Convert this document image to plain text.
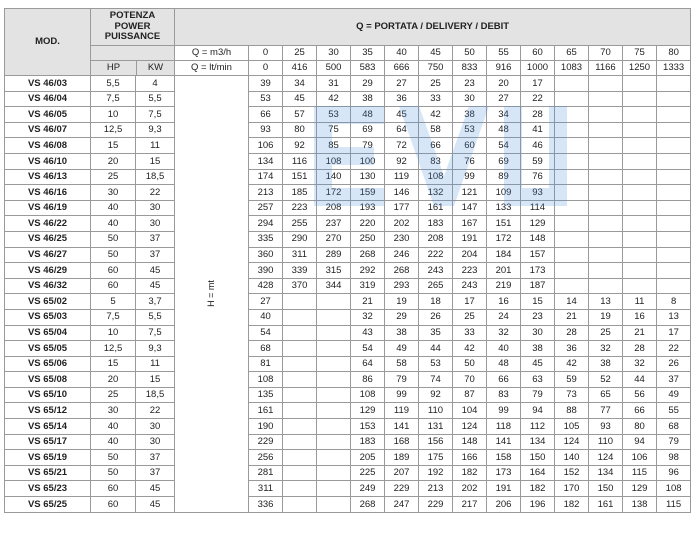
MOD.	POTENZA
POWER
PUISSANCE		Q = PORTATA / DELIVERY / DEBIT													

	HP KW		Q = m3/h	0	25	30	35	40	45	50	55	60	65	70	75	80
			Q = lt/min	0	416	500	583	666	750	833	916	1000	1083	1166	1250	1333
VS 46/03	5,5	4	H = mt	39	34	31	29	27	25	23	20	17				
VS 46/04	7,5	5,5		53	45	42	38	36	33	30	27	22				
VS 46/05	10	7,5		66	57	53	48	45	42	38	34	28				
VS 46/07	12,5	9,3		93	80	75	69	64	58	53	48	41				
VS 46/08	15	11		106	92	85	79	72	66	60	54	46				
VS 46/10	20	15		134	116	108	100	92	83	76	69	59				
VS 46/13	25	18,5		174	151	140	130	119	108	99	89	76				
VS 46/16	30	22		213	185	172	159	146	132	121	109	93				
VS 46/19	40	30		257	223	208	193	177	161	147	133	114				
VS 46/22	40	30		294	255	237	220	202	183	167	151	129				
VS 46/25	50	37		335	290	270	250	230	208	191	172	148				
VS 46/27	50	37		360	311	289	268	246	222	204	184	157				
VS 46/29	60	45		390	339	315	292	268	243	223	201	173				
VS 46/32	60	45		428	370	344	319	293	265	243	219	187				
VS 65/02	5	3,7		27			21	19	18	17	16	15	14	13	11	8
VS 65/03	7,5	5,5		40			32	29	26	25	24	23	21	19	16	13
VS 65/04	10	7,5		54			43	38	35	33	32	30	28	25	21	17
VS 65/05	12,5	9,3		68			54	49	44	42	40	38	36	32	28	22
VS 65/06	15	11		81			64	58	53	50	48	45	42	38	32	26
VS 65/08	20	15		108			86	79	74	70	66	63	59	52	44	37
VS 65/10	25	18,5		135			108	99	92	87	83	79	73	65	56	49
VS 65/12	30	22		161			129	119	110	104	99	94	88	77	66	55
VS 65/14	40	30		190			153	141	131	124	118	112	105	93	80	68
VS 65/17	40	30		229			183	168	156	148	141	134	124	110	94	79
VS 65/19	50	37		256			205	189	175	166	158	150	140	124	106	98
VS 65/21	50	37		281			225	207	192	182	173	164	152	134	115	96
VS 65/23	60	45		311			249	229	213	202	191	182	170	150	129	108
VS 65/25	60	45		336			268	247	229	217	206	196	182	161	138	115
